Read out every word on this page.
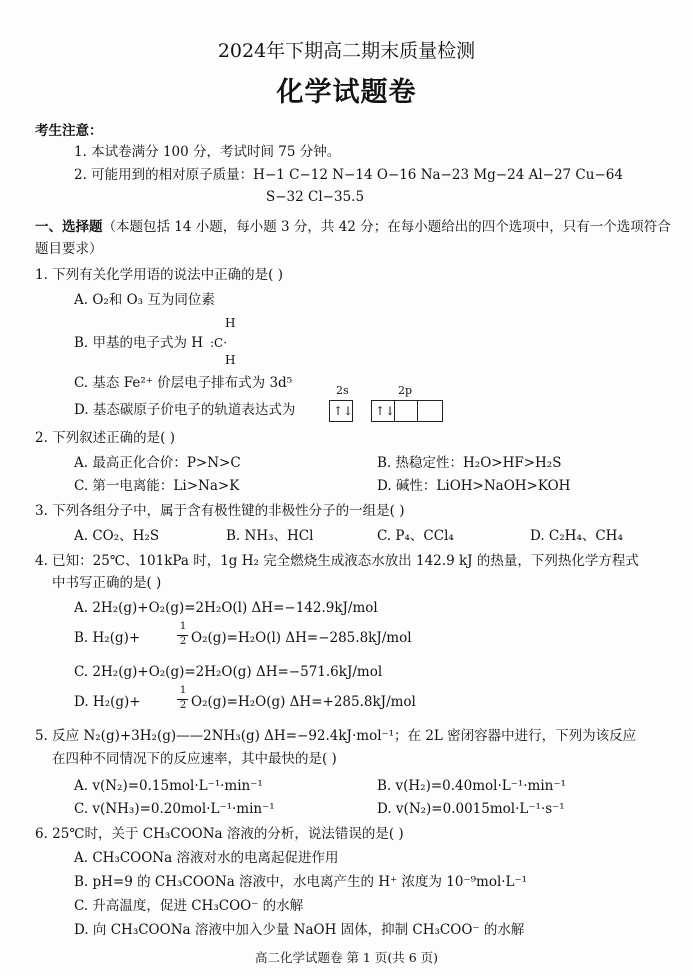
2024年下期高二期末质量检测
化学试题卷
考生注意：
1. 本试卷满分 100 分，考试时间 75 分钟。
2. 可能用到的相对原子质量：H−1 C−12 N−14 O−16 Na−23 Mg−24 Al−27 Cu−64
S−32 Cl−35.5
一、选择题（本题包括 14 小题，每小题 3 分，共 42 分；在每小题给出的四个选项中，只有一个选项符合
题目要求）
1. 下列有关化学用语的说法中正确的是( )
A. O₂和 O₃ 互为同位素
B. 甲基的电子式为 H
H
:C·
H
C. 基态 Fe²⁺ 价层电子排布式为 3d⁵
D. 基态碳原子价电子的轨道表达式为
2s	2p
↑↓ ↑↓
2. 下列叙述正确的是( )
A. 最高正化合价：P>N>C	B. 热稳定性：H₂O>HF>H₂S
C. 第一电离能：Li>Na>K	D. 碱性：LiOH>NaOH>KOH
3. 下列各组分子中，属于含有极性键的非极性分子的一组是( )
A. CO₂、H₂S	B. NH₃、HCl	C. P₄、CCl₄	D. C₂H₄、CH₄
4. 已知：25℃、101kPa 时，1g H₂ 完全燃烧生成液态水放出 142.9 kJ 的热量，下列热化学方程式
中书写正确的是( )
A. 2H₂(g)+O₂(g)=2H₂O(l) ΔH=−142.9kJ/mol
B. H₂(g)+
1
2 O₂(g)=H₂O(l) ΔH=−285.8kJ/mol
C. 2H₂(g)+O₂(g)=2H₂O(g) ΔH=−571.6kJ/mol
D. H₂(g)+
1
2 O₂(g)=H₂O(g) ΔH=+285.8kJ/mol
5. 反应 N₂(g)+3H₂(g)——2NH₃(g) ΔH=−92.4kJ·mol⁻¹；在 2L 密闭容器中进行，下列为该反应
在四种不同情况下的反应速率，其中最快的是( )
A. v(N₂)=0.15mol·L⁻¹·min⁻¹	B. v(H₂)=0.40mol·L⁻¹·min⁻¹
C. v(NH₃)=0.20mol·L⁻¹·min⁻¹	D. v(N₂)=0.0015mol·L⁻¹·s⁻¹
6. 25℃时，关于 CH₃COONa 溶液的分析，说法错误的是( )
A. CH₃COONa 溶液对水的电离起促进作用
B. pH=9 的 CH₃COONa 溶液中，水电离产生的 H⁺ 浓度为 10⁻⁹mol·L⁻¹
C. 升高温度，促进 CH₃COO⁻ 的水解
D. 向 CH₃COONa 溶液中加入少量 NaOH 固体，抑制 CH₃COO⁻ 的水解
高二化学试题卷 第 1 页(共 6 页)
